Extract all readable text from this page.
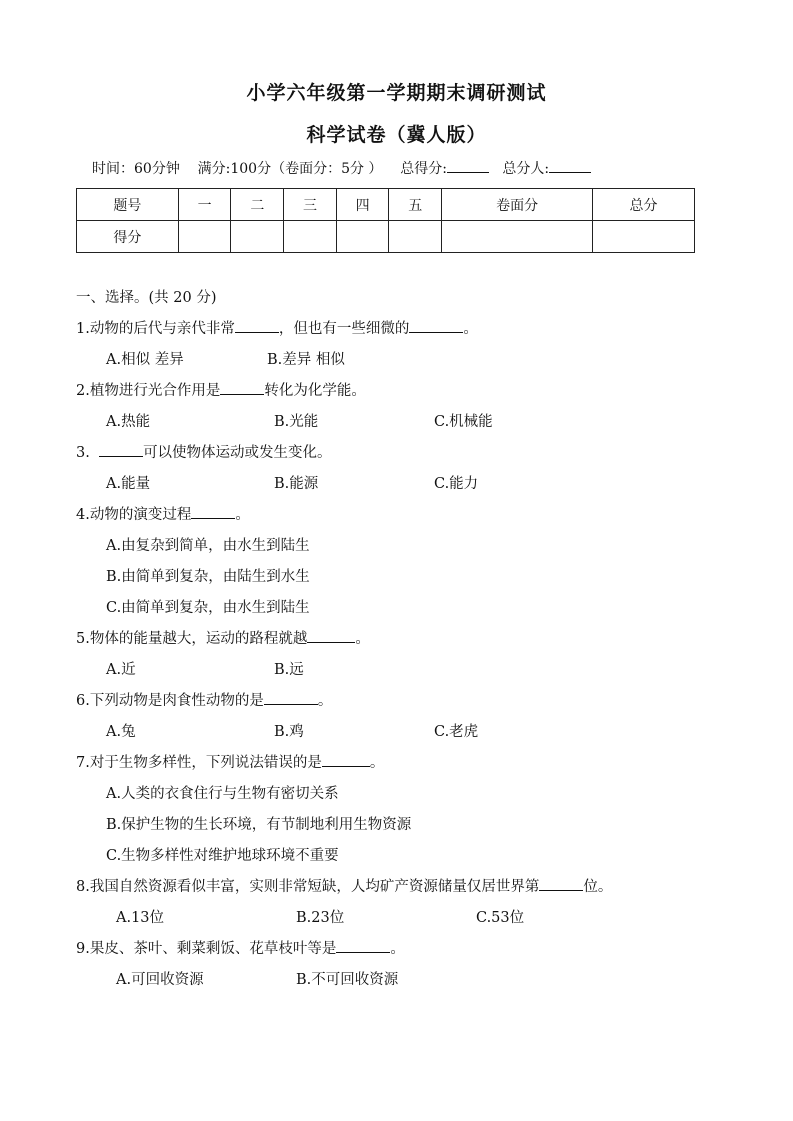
小学六年级第一学期期末调研测试
科学试卷（冀人版）
时间：60分钟 满分:100分（卷面分：5分 ） 总得分:	总分人:
题号	一	二	三	四	五	卷面分	总分
得分							
一、选择。(共 20 分)
1.动物的后代与亲代非常	，但也有一些细微的	。
A.相似 差异	B.差异 相似
2.植物进行光合作用是	转化为化学能。
A.热能	B.光能	C.机械能
3.	可以使物体运动或发生变化。
A.能量	B.能源	C.能力
4.动物的演变过程	。
A.由复杂到简单，由水生到陆生
B.由简单到复杂，由陆生到水生
C.由简单到复杂，由水生到陆生
5.物体的能量越大，运动的路程就越	。
A.近	B.远
6.下列动物是肉食性动物的是	。
A.兔	B.鸡	C.老虎
7.对于生物多样性，下列说法错误的是	。
A.人类的衣食住行与生物有密切关系
B.保护生物的生长环境，有节制地利用生物资源
C.生物多样性对维护地球环境不重要
8.我国自然资源看似丰富，实则非常短缺，人均矿产资源储量仅居世界第	位。
A.13位	B.23位	C.53位
9.果皮、茶叶、剩菜剩饭、花草枝叶等是	。
A.可回收资源	B.不可回收资源
